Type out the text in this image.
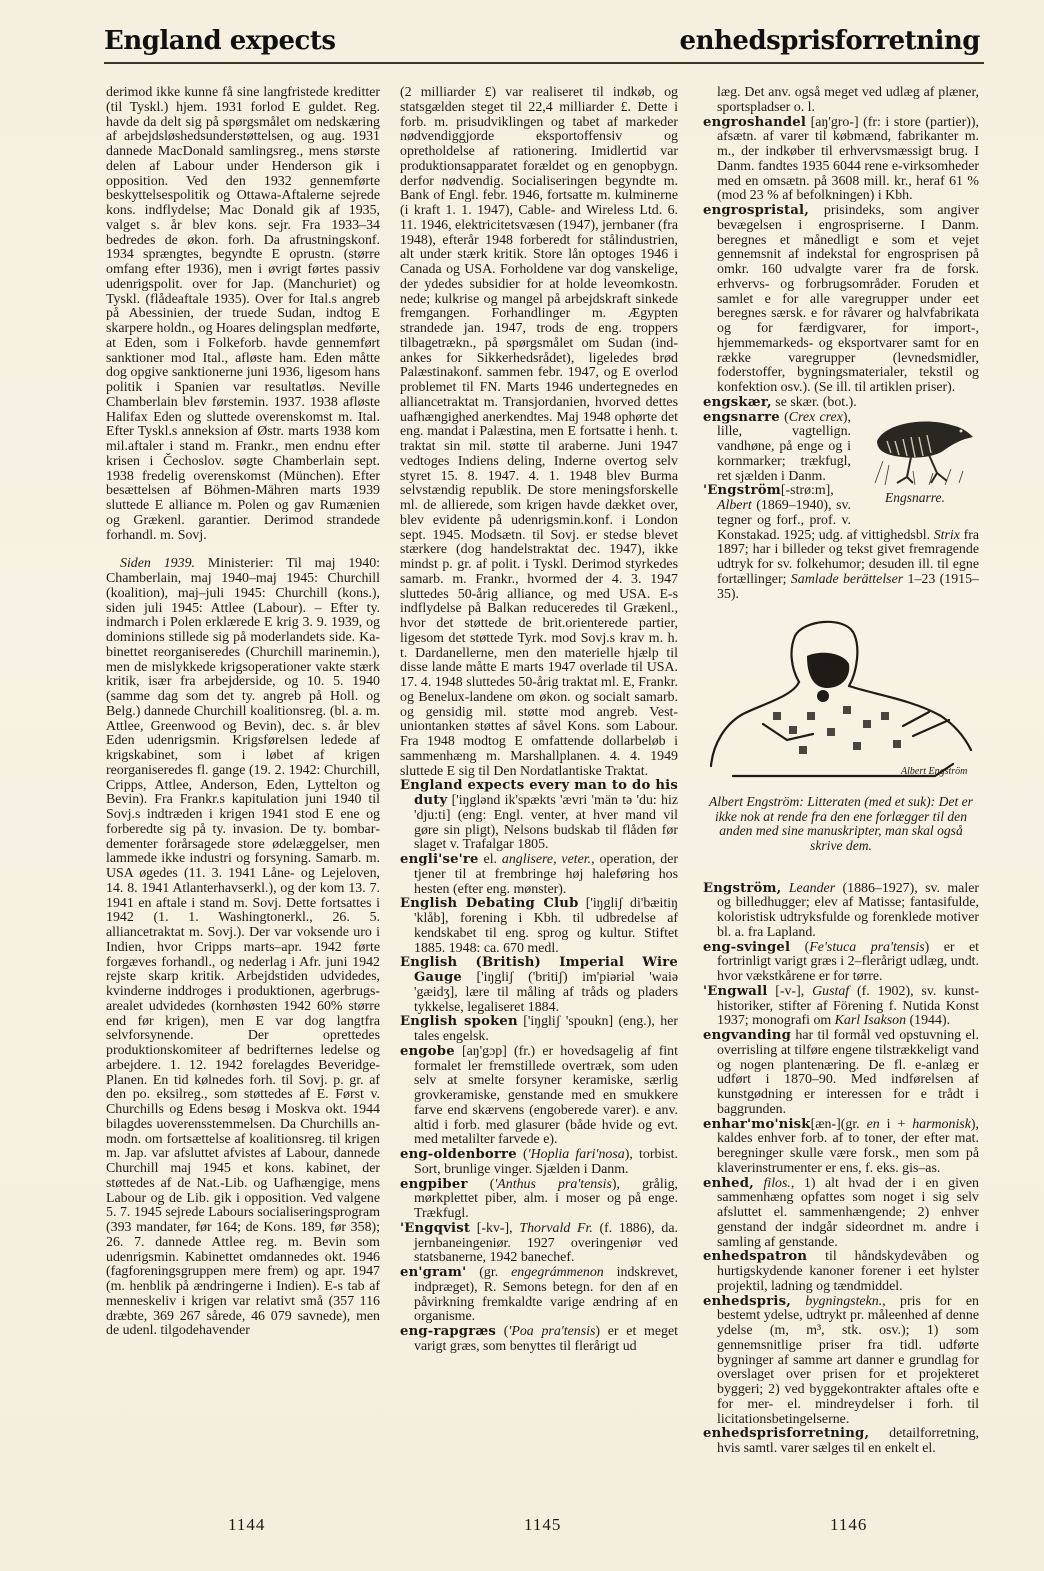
England expects	enhedsprisforretning

derimod ikke kunne få sine langfristede kreditter (til Tyskl.) hjem. 1931 forlod E guldet. Reg. havde da delt sig på spørgsmålet om nedskæring af arbejdsløshedsunderstøttelsen, og aug. 1931 dannede MacDonald samlingsreg., mens største delen af Labour under Henderson gik i opposition. Ved den 1932 gennemførte beskyttelsespolitik og Ottawa-Aftalerne sejrede kons. indflydelse; Mac Donald gik af 1935, valget s. år blev kons. sejr. Fra 1933–34 bedredes de økon. forh. Da afrustningskonf. 1934 sprængtes, begyndte E oprustn. (større omfang efter 1936), men i øvrigt førtes passiv udenrigspolit. over for Jap. (Manchuriet) og Tyskl. (flådeaftale 1935). Over for Ital.s angreb på Abessinien, der truede Sudan, indtog E skarpere holdn., og Hoares delingsplan medførte, at Eden, som i Folkeforb. havde gennemført sanktioner mod Ital., afløste ham. Eden måtte dog opgive sanktionerne juni 1936, ligesom hans politik i Spanien var resultatløs. Neville Chamberlain blev førstemin. 1937. 1938 afløste Halifax Eden og sluttede overenskomst m. Ital. Efter Tyskl.s anneksion af Østr. marts 1938 kom mil.aftaler i stand m. Frankr., men endnu efter krisen i Čechoslov. søgte Chamberlain sept. 1938 fredelig overenskomst (München). Efter besættelsen af Böhmen-Mähren marts 1939 sluttede E alliance m. Polen og gav Rumænien og Grækenl. garantier. Derimod strandede forhandl. m. Sovj.

Siden 1939. Ministerier: Til maj 1940: Chamberlain, maj 1940–maj 1945: Churchill (koalition), maj–juli 1945: Churchill (kons.), siden juli 1945: Attlee (Labour). – Efter ty. indmarch i Polen erklærede E krig 3. 9. 1939, og dominions stillede sig på moderlandets side. Kabinettet reorganiseredes (Churchill marinemin.), men de mislykkede krigsoperationer vakte stærk kritik, især fra arbejderside, og 10. 5. 1940 (samme dag som det ty. angreb på Holl. og Belg.) dannede Churchill koalitionsreg. (bl. a. m. Attlee, Greenwood og Bevin), dec. s. år blev Eden udenrigsmin. Krigsførelsen ledede af krigskabinet, som i løbet af krigen reorganiseredes fl. gange (19. 2. 1942: Churchill, Cripps, Attlee, Anderson, Eden, Lyttelton og Bevin). Fra Frankr.s kapitulation juni 1940 til Sovj.s indtræden i krigen 1941 stod E ene og forberedte sig på ty. invasion. De ty. bombardementer forårsagede store ødelæggelser, men lammede ikke industri og forsyning. Samarb. m. USA øgedes (11. 3. 1941 Låne- og Lejeloven, 14. 8. 1941 Atlanterhavserkl.), og der kom 13. 7. 1941 en aftale i stand m. Sovj. Dette fortsattes i 1942 (1. 1. Washingtonerkl., 26. 5. alliancetraktat m. Sovj.). Der var voksende uro i Indien, hvor Cripps marts–apr. 1942 førte forgæves forhandl., og nederlag i Afr. juni 1942 rejste skarp kritik. Arbejdstiden udvidedes, kvinderne inddroges i produktionen, agerbrugsarealet udvidedes (kornhøsten 1942 60% større end før krigen), men E var dog langtfra selvforsynende. Der oprettedes produktionskomiteer af bedrifternes ledelse og arbejdere. 1. 12. 1942 forelagdes Beveridge-Planen. En tid kølnedes forh. til Sovj. p. gr. af den po. eksilreg., som støttedes af E. Først v. Churchills og Edens besøg i Moskva okt. 1944 bilagdes uoverensstemmelsen. Da Churchills anmodn. om fortsættelse af koalitionsreg. til krigen m. Jap. var afsluttet afvistes af Labour, dannede Churchill maj 1945 et kons. kabinet, der støttedes af de Nat.-Lib. og Uafhængige, mens Labour og de Lib. gik i opposition. Ved valgene 5. 7. 1945 sejrede Labours socialiseringsprogram (393 mandater, før 164; de Kons. 189, før 358); 26. 7. dannede Attlee reg. m. Bevin som udenrigsmin. Kabinettet omdannedes okt. 1946 (fagforeningsgruppen mere frem) og apr. 1947 (m. henblik på ændringerne i Indien). E-s tab af menneskeliv i krigen var relativt små (357 116 dræbte, 369 267 sårede, 46 079 savnede), men de udenl. tilgodehavender

(2 milliarder £) var realiseret til indkøb, og statsgælden steget til 22,4 milliarder £. Dette i forb. m. prisudviklingen og tabet af markeder nødvendiggjorde eksportoffensiv og opretholdelse af rationering. Imidlertid var produktionsapparatet forældet og en genopbygn. derfor nødvendig. Socialiseringen begyndte m. Bank of Engl. febr. 1946, fortsatte m. kulminerne (i kraft 1. 1. 1947), Cable- and Wireless Ltd. 6. 11. 1946, elektricitetsvæsen (1947), jernbaner (fra 1948), efterår 1948 forberedt for stålindustrien, alt under stærk kritik. Store lån optoges 1946 i Canada og USA. Forholdene var dog vanskelige, der ydedes subsidier for at holde leveomkostn. nede; kulkrise og mangel på arbejdskraft sinkede fremgangen. Forhandlinger m. Ægypten strandede jan. 1947, trods de eng. troppers tilbagetrækn., på spørgsmålet om Sudan (indankes for Sikkerhedsrådet), ligeledes brød Palæstinakonf. sammen febr. 1947, og E overlod problemet til FN. Marts 1946 undertegnedes en alliancetraktat m. Transjordanien, hvorved dettes uafhængighed anerkendtes. Maj 1948 ophørte det eng. mandat i Palæstina, men E fortsatte i henh. t. traktat sin mil. støtte til araberne. Juni 1947 vedtoges Indiens deling, Inderne overtog selv styret 15. 8. 1947. 4. 1. 1948 blev Burma selvstændig republik. De store meningsforskelle ml. de allierede, som krigen havde dækket over, blev evidente på udenrigsmin.konf. i London sept. 1945. Modsætn. til Sovj. er stedse blevet stærkere (dog handelstraktat dec. 1947), ikke mindst p. gr. af polit. i Tyskl. Derimod styrkedes samarb. m. Frankr., hvormed der 4. 3. 1947 sluttedes 50-årig alliance, og med USA. E-s indflydelse på Balkan reduceredes til Grækenl., hvor det støttede de brit.orienterede partier, ligesom det støttede Tyrk. mod Sovj.s krav m. h. t. Dardanellerne, men den materielle hjælp til disse lande måtte E marts 1947 overlade til USA. 17. 4. 1948 sluttedes 50-årig traktat ml. E, Frankr. og Benelux-landene om økon. og socialt samarb. og gensidig mil. støtte mod angreb. Vestuniontanken støttes af såvel Kons. som Labour. Fra 1948 modtog E omfattende dollarbeløb i sammenhæng m. Marshallplanen. 4. 4. 1949 sluttede E sig til Den Nordatlantiske Traktat.

England expects every man to do his duty ['iŋglənd ik'spækts 'ævri 'män tə 'du: hiz 'dju:ti] (eng: Engl. venter, at hver mand vil gøre sin pligt), Nelsons budskab til flåden før slaget v. Trafalgar 1805.

engli'se're el. anglisere, veter., operation, der tjener til at frembringe høj haleføring hos hesten (efter eng. mønster).

English Debating Club ['iŋgliʃ di'bæitiŋ 'klåb], forening i Kbh. til udbredelse af kendskabet til eng. sprog og kultur. Stiftet 1885. 1948: ca. 670 medl.

English (British) Imperial Wire Gauge ['iŋgliʃ ('britiʃ) im'piəriəl 'waiə 'gæidʒ], lære til måling af tråds og pladers tykkelse, legaliseret 1884.

English spoken ['iŋgliʃ 'spoukn] (eng.), her tales engelsk.

engobe [aŋ'gɔp] (fr.) er hovedsagelig af fint formalet ler fremstillede overtræk, som uden selv at smelte forsyner keramiske, særlig grovkeramiske, genstande med en smukkere farve end skærvens (engoberede varer). e anv. altid i forb. med glasurer (både hvide og evt. med metalilter farvede e).

eng-oldenborre ('Hoplia fari'nosa), torbist. Sort, brunlige vinger. Sjælden i Danm.

engpiber ('Anthus pra'tensis), grålig, mørkplettet piber, alm. i moser og på enge. Trækfugl.

'Engqvist [-kv-], Thorvald Fr. (f. 1886), da. jernbaneingeniør. 1927 overingeniør ved statsbanerne, 1942 banechef.

en'gram' (gr. engegrámmenon indskrevet, indpræget), R. Semons betegn. for den af en påvirkning fremkaldte varige ændring af en organisme.

eng-rapgræs ('Poa pra'tensis) er et meget varigt græs, som benyttes til flerårigt ud

læg. Det anv. også meget ved udlæg af plæner, sportspladser o. l.

engroshandel [aŋ'gro-] (fr: i store (partier)), afsætn. af varer til købmænd, fabrikanter m. m., der indkøber til erhvervsmæssigt brug. I Danm. fandtes 1935 6044 rene e-virksomheder med en omsætn. på 3608 mill. kr., heraf 61 % (mod 23 % af befolkningen) i Kbh.

engrospristal, prisindeks, som angiver bevægelsen i engrospriserne. I Danm. beregnes et månedligt e som et vejet gennemsnit af indekstal for engrosprisen på omkr. 160 udvalgte varer fra de forsk. erhvervs- og forbrugsområder. Foruden et samlet e for alle varegrupper under eet beregnes særsk. e for råvarer og halvfabrikata og for færdigvarer, for import-, hjemmemarkeds- og eksportvarer samt for en række varegrupper (levnedsmidler, foderstoffer, bygningsmaterialer, tekstil og konfektion osv.). (Se ill. til artiklen priser).

engskær, se skær. (bot.).

Engsnarre.

engsnarre (Crex crex), lille, vagtellign. vandhøne, på enge og i kornmarker; trækfugl, ret sjælden i Danm.

'Engström[-strø:m], Albert (1869–1940), sv. tegner og forf., prof. v. Konstakad. 1925; udg. af vittighedsbl. Strix fra 1897; har i billeder og tekst givet fremragende udtryk for sv. folkehumor; desuden ill. til egne fortællinger; Samlade berättelser 1–23 (1915–35).

Albert Engström
Albert Engström: Litteraten (med et suk): Det er ikke nok at rende fra den ene forlægger til den anden med sine manuskripter, man skal også skrive dem.

Engström, Leander (1886–1927), sv. maler og billedhugger; elev af Matisse; fantasifulde, koloristisk udtryksfulde og forenklede motiver bl. a. fra Lapland.

eng-svingel (Fe'stuca pra'tensis) er et fortrinligt varigt græs i 2–flerårigt udlæg, undt. hvor vækstkårene er for tørre.

'Engwall [-v-], Gustaf (f. 1902), sv. kunsthistoriker, stifter af Förening f. Nutida Konst 1937; monografi om Karl Isakson (1944).

engvanding har til formål ved opstuvning el. overrisling at tilføre engene tilstrækkeligt vand og nogen plantenæring. De fl. e-anlæg er udført i 1870–90. Med indførelsen af kunstgødning er interessen for e trådt i baggrunden.

enhar'mo'nisk[æn-](gr. en i + harmonisk), kaldes enhver forb. af to toner, der efter mat. beregninger skulle være forsk., men som på klaverinstrumenter er ens, f. eks. gis–as.

enhed, filos., 1) alt hvad der i en given sammenhæng opfattes som noget i sig selv afsluttet el. sammenhængende; 2) enhver genstand der indgår sideordnet m. andre i samling af genstande.

enhedspatron til håndskydevåben og hurtigskydende kanoner forener i eet hylster projektil, ladning og tændmiddel.

enhedspris, bygningstekn., pris for en bestemt ydelse, udtrykt pr. måleenhed af denne ydelse (m, m³, stk. osv.); 1) som gennemsnitlige priser fra tidl. udførte bygninger af samme art danner e grundlag for overslaget over prisen for et projekteret byggeri; 2) ved byggekontrakter aftales ofte e for mer- el. mindreydelser i forh. til licitationsbetingelserne.

enhedsprisforretning, detailforretning, hvis samtl. varer sælges til en enkelt el.

1144	1145	1146
